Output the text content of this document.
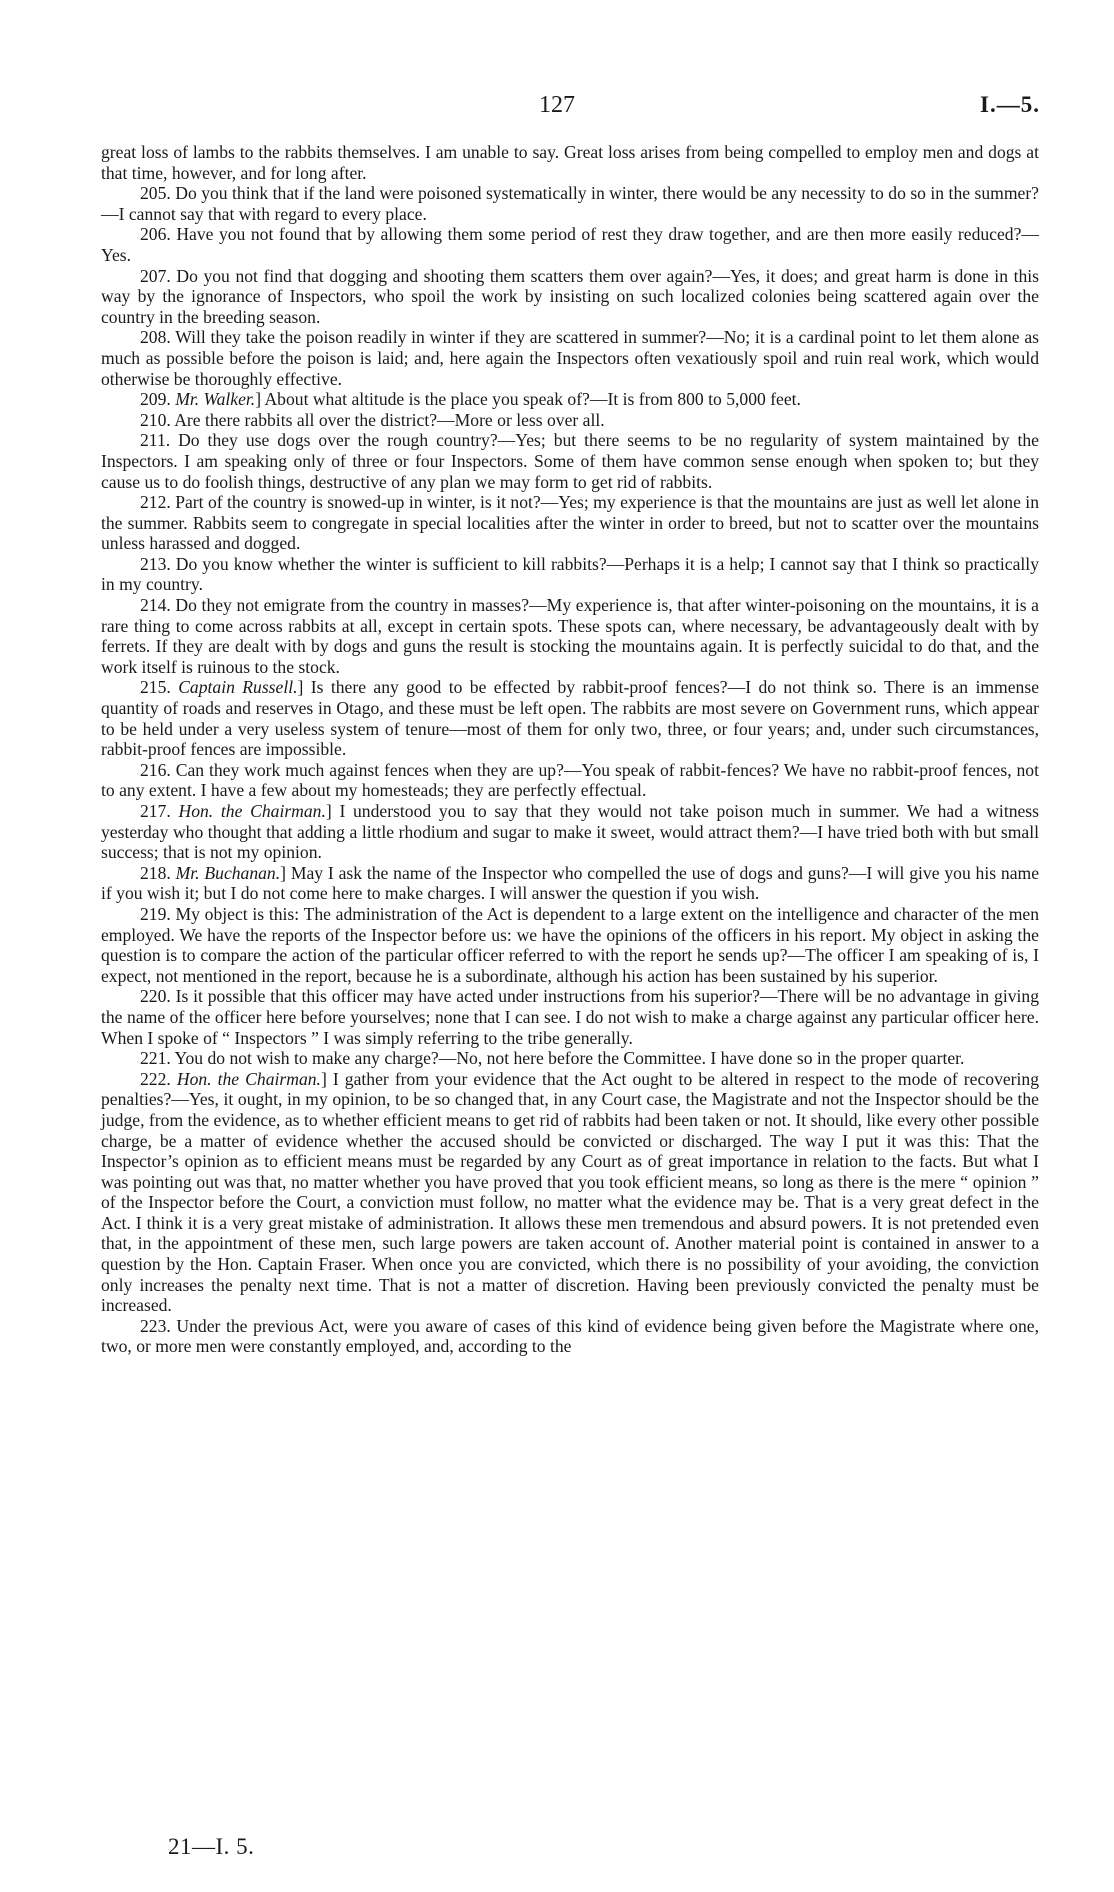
127	I.—5.

great loss of lambs to the rabbits themselves. I am unable to say. Great loss arises from being compelled to employ men and dogs at that time, however, and for long after.

205. Do you think that if the land were poisoned systematically in winter, there would be any necessity to do so in the summer?—I cannot say that with regard to every place.

206. Have you not found that by allowing them some period of rest they draw together, and are then more easily reduced?—Yes.

207. Do you not find that dogging and shooting them scatters them over again?—Yes, it does; and great harm is done in this way by the ignorance of Inspectors, who spoil the work by insisting on such localized colonies being scattered again over the country in the breeding season.

208. Will they take the poison readily in winter if they are scattered in summer?—No; it is a cardinal point to let them alone as much as possible before the poison is laid; and, here again the Inspectors often vexatiously spoil and ruin real work, which would otherwise be thoroughly effective.

209. Mr. Walker.] About what altitude is the place you speak of?—It is from 800 to 5,000 feet.

210. Are there rabbits all over the district?—More or less over all.

211. Do they use dogs over the rough country?—Yes; but there seems to be no regularity of system maintained by the Inspectors. I am speaking only of three or four Inspectors. Some of them have common sense enough when spoken to; but they cause us to do foolish things, destructive of any plan we may form to get rid of rabbits.

212. Part of the country is snowed-up in winter, is it not?—Yes; my experience is that the mountains are just as well let alone in the summer. Rabbits seem to congregate in special localities after the winter in order to breed, but not to scatter over the mountains unless harassed and dogged.

213. Do you know whether the winter is sufficient to kill rabbits?—Perhaps it is a help; I cannot say that I think so practically in my country.

214. Do they not emigrate from the country in masses?—My experience is, that after winter-poisoning on the mountains, it is a rare thing to come across rabbits at all, except in certain spots. These spots can, where necessary, be advantageously dealt with by ferrets. If they are dealt with by dogs and guns the result is stocking the mountains again. It is perfectly suicidal to do that, and the work itself is ruinous to the stock.

215. Captain Russell.] Is there any good to be effected by rabbit-proof fences?—I do not think so. There is an immense quantity of roads and reserves in Otago, and these must be left open. The rabbits are most severe on Government runs, which appear to be held under a very useless system of tenure—most of them for only two, three, or four years; and, under such circumstances, rabbit-proof fences are impossible.

216. Can they work much against fences when they are up?—You speak of rabbit-fences? We have no rabbit-proof fences, not to any extent. I have a few about my homesteads; they are perfectly effectual.

217. Hon. the Chairman.] I understood you to say that they would not take poison much in summer. We had a witness yesterday who thought that adding a little rhodium and sugar to make it sweet, would attract them?—I have tried both with but small success; that is not my opinion.

218. Mr. Buchanan.] May I ask the name of the Inspector who compelled the use of dogs and guns?—I will give you his name if you wish it; but I do not come here to make charges. I will answer the question if you wish.

219. My object is this: The administration of the Act is dependent to a large extent on the intelligence and character of the men employed. We have the reports of the Inspector before us: we have the opinions of the officers in his report. My object in asking the question is to compare the action of the particular officer referred to with the report he sends up?—The officer I am speaking of is, I expect, not mentioned in the report, because he is a subordinate, although his action has been sustained by his superior.

220. Is it possible that this officer may have acted under instructions from his superior?—There will be no advantage in giving the name of the officer here before yourselves; none that I can see. I do not wish to make a charge against any particular officer here. When I spoke of “ Inspectors ” I was simply referring to the tribe generally.

221. You do not wish to make any charge?—No, not here before the Committee. I have done so in the proper quarter.

222. Hon. the Chairman.] I gather from your evidence that the Act ought to be altered in respect to the mode of recovering penalties?—Yes, it ought, in my opinion, to be so changed that, in any Court case, the Magistrate and not the Inspector should be the judge, from the evidence, as to whether efficient means to get rid of rabbits had been taken or not. It should, like every other possible charge, be a matter of evidence whether the accused should be convicted or discharged. The way I put it was this: That the Inspector’s opinion as to efficient means must be regarded by any Court as of great importance in relation to the facts. But what I was pointing out was that, no matter whether you have proved that you took efficient means, so long as there is the mere “ opinion ” of the Inspector before the Court, a conviction must follow, no matter what the evidence may be. That is a very great defect in the Act. I think it is a very great mistake of administration. It allows these men tremendous and absurd powers. It is not pretended even that, in the appointment of these men, such large powers are taken account of. Another material point is contained in answer to a question by the Hon. Captain Fraser. When once you are convicted, which there is no possibility of your avoiding, the conviction only increases the penalty next time. That is not a matter of discretion. Having been previously convicted the penalty must be increased.

223. Under the previous Act, were you aware of cases of this kind of evidence being given before the Magistrate where one, two, or more men were constantly employed, and, according to the

21—I. 5.
